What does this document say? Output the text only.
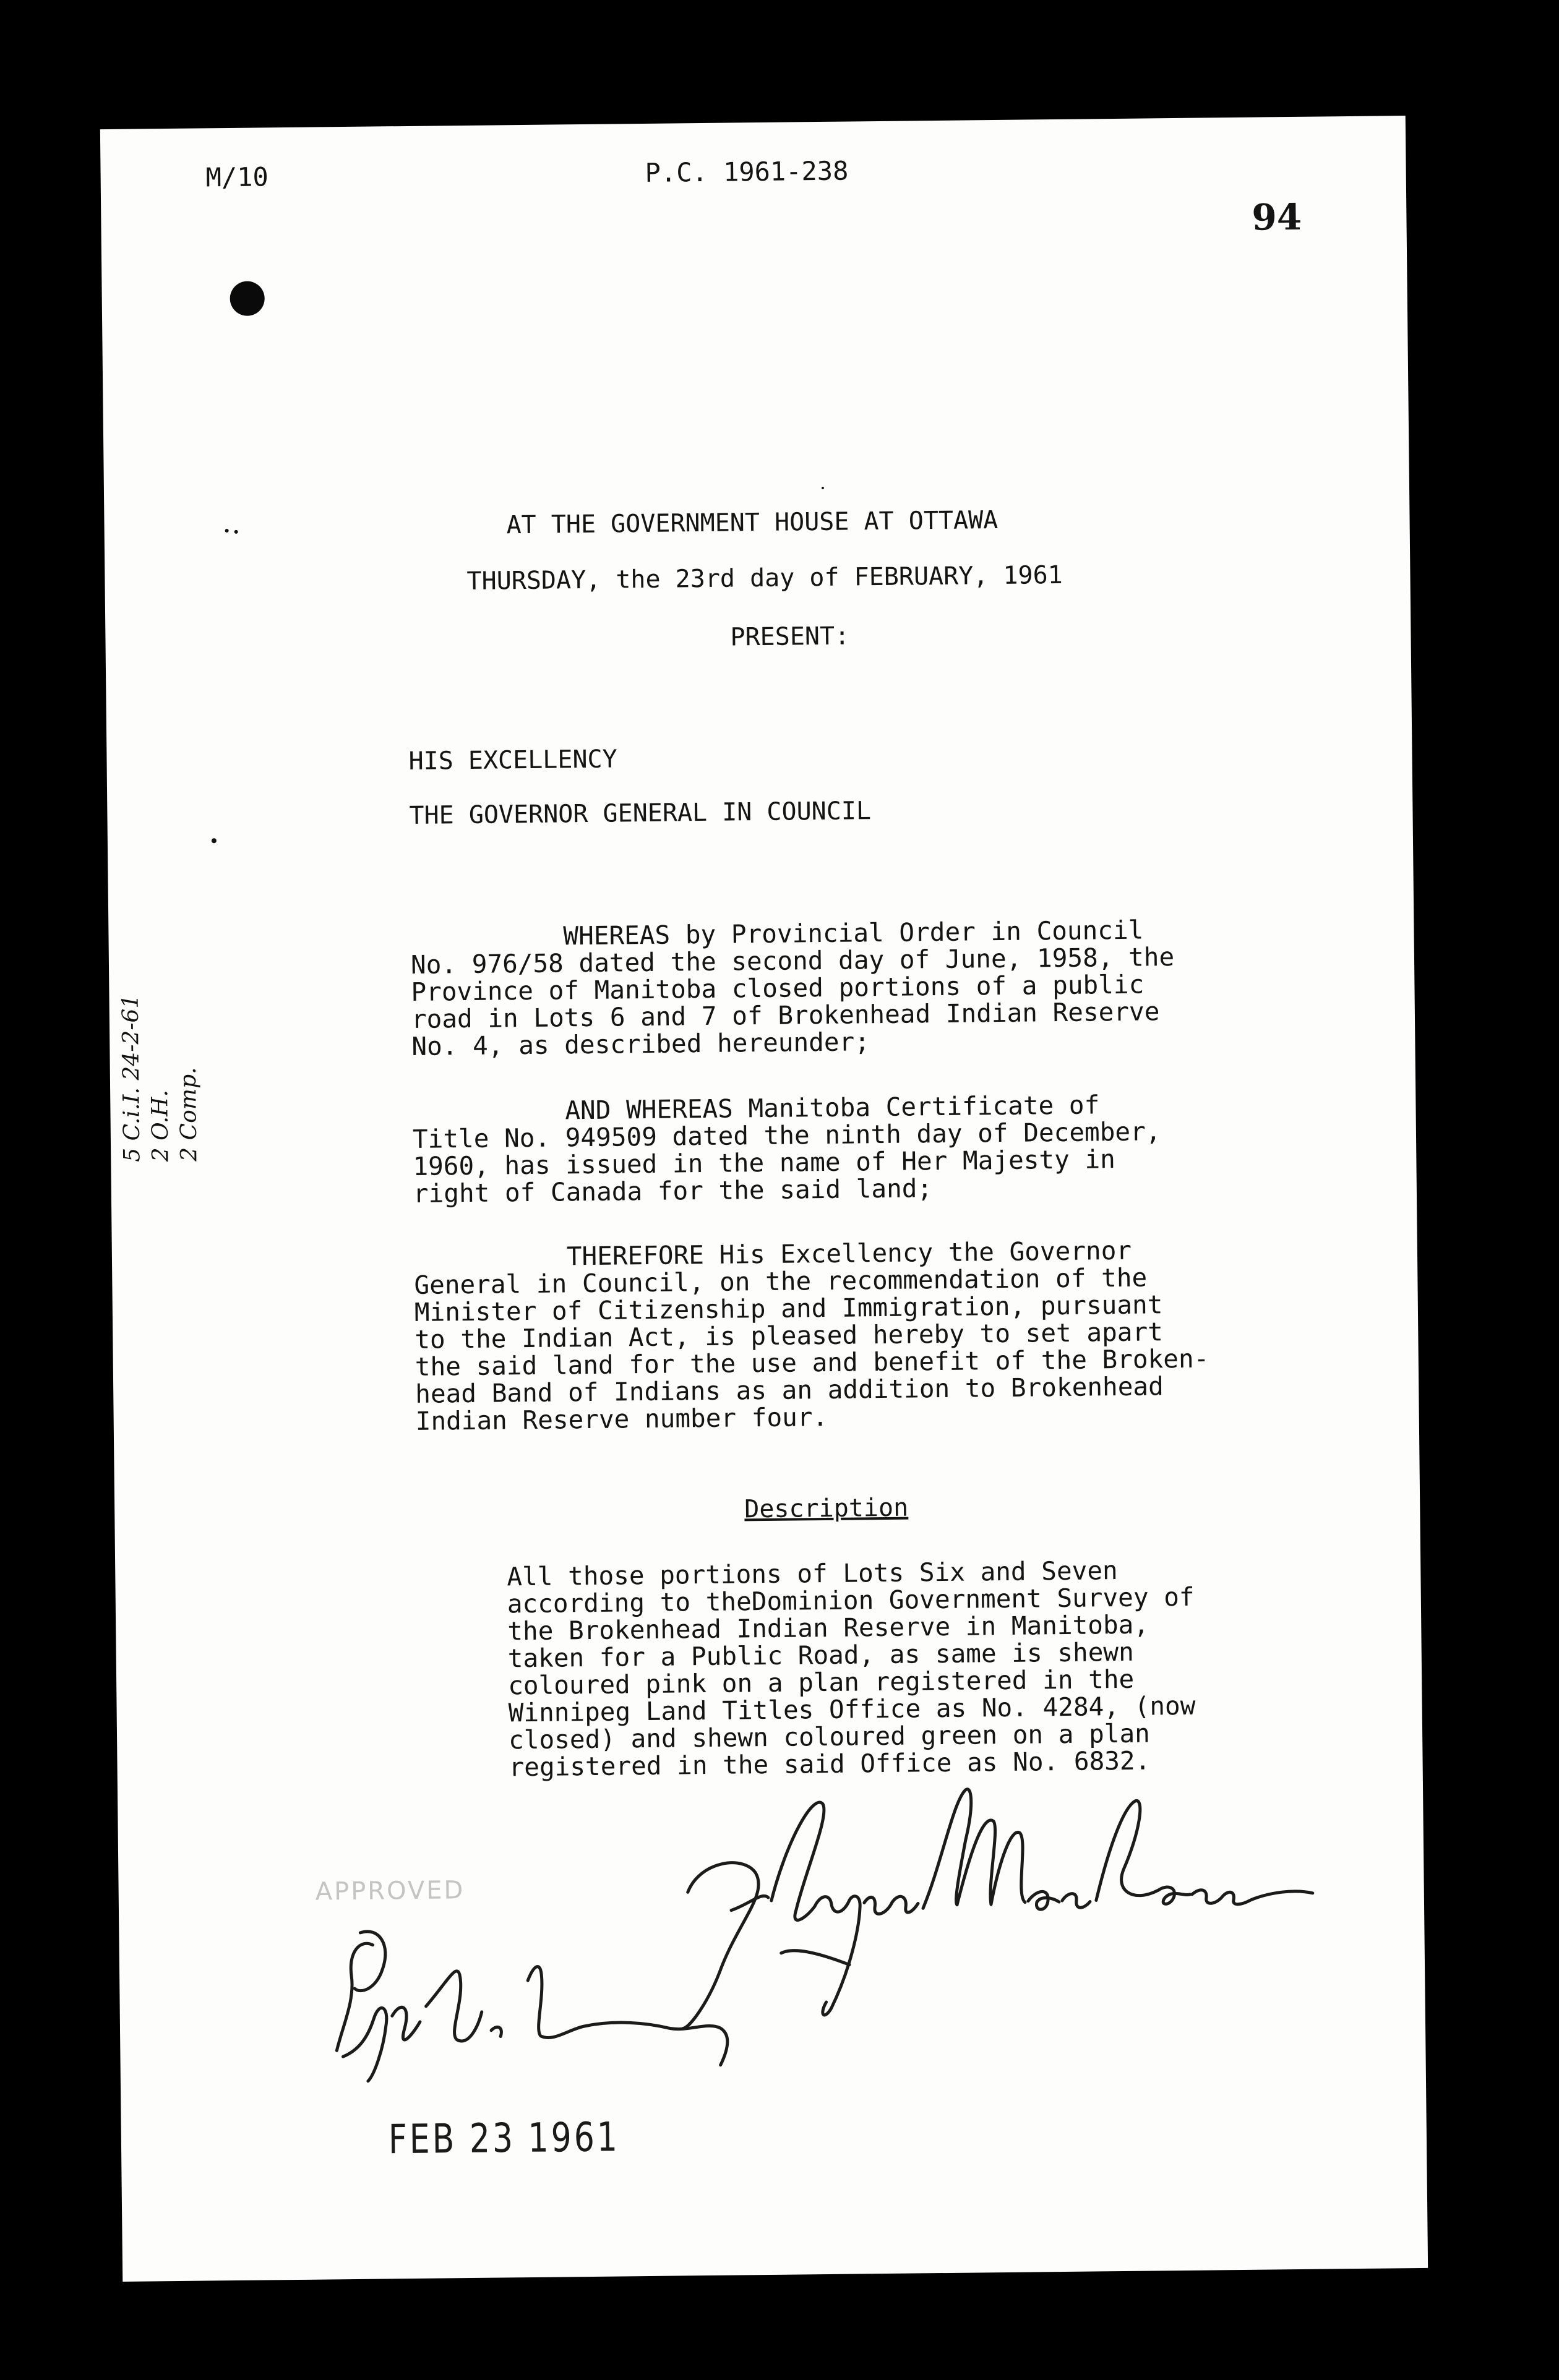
M/10	P.C. 1961-238
94
AT THE GOVERNMENT HOUSE AT OTTAWA
THURSDAY, the 23rd day of FEBRUARY, 1961
PRESENT:
HIS EXCELLENCY
THE GOVERNOR GENERAL IN COUNCIL
WHEREAS by Provincial Order in Council
No. 976/58 dated the second day of June, 1958, the
Province of Manitoba closed portions of a public
road in Lots 6 and 7 of Brokenhead Indian Reserve
No. 4, as described hereunder;
AND WHEREAS Manitoba Certificate of
Title No. 949509 dated the ninth day of December,
1960, has issued in the name of Her Majesty in
right of Canada for the said land;
THEREFORE His Excellency the Governor
General in Council, on the recommendation of the
Minister of Citizenship and Immigration, pursuant
to the Indian Act, is pleased hereby to set apart
the said land for the use and benefit of the Broken-
head Band of Indians as an addition to Brokenhead
Indian Reserve number four.
Description
All those portions of Lots Six and Seven
according to theDominion Government Survey of
the Brokenhead Indian Reserve in Manitoba,
taken for a Public Road, as same is shewn
coloured pink on a plan registered in the
Winnipeg Land Titles Office as No. 4284, (now
closed) and shewn coloured green on a plan
registered in the said Office as No. 6832.
5 C.i.I. 24-2-61
2 O.H.
2 Comp.
APPROVED
FEB 23 1961
